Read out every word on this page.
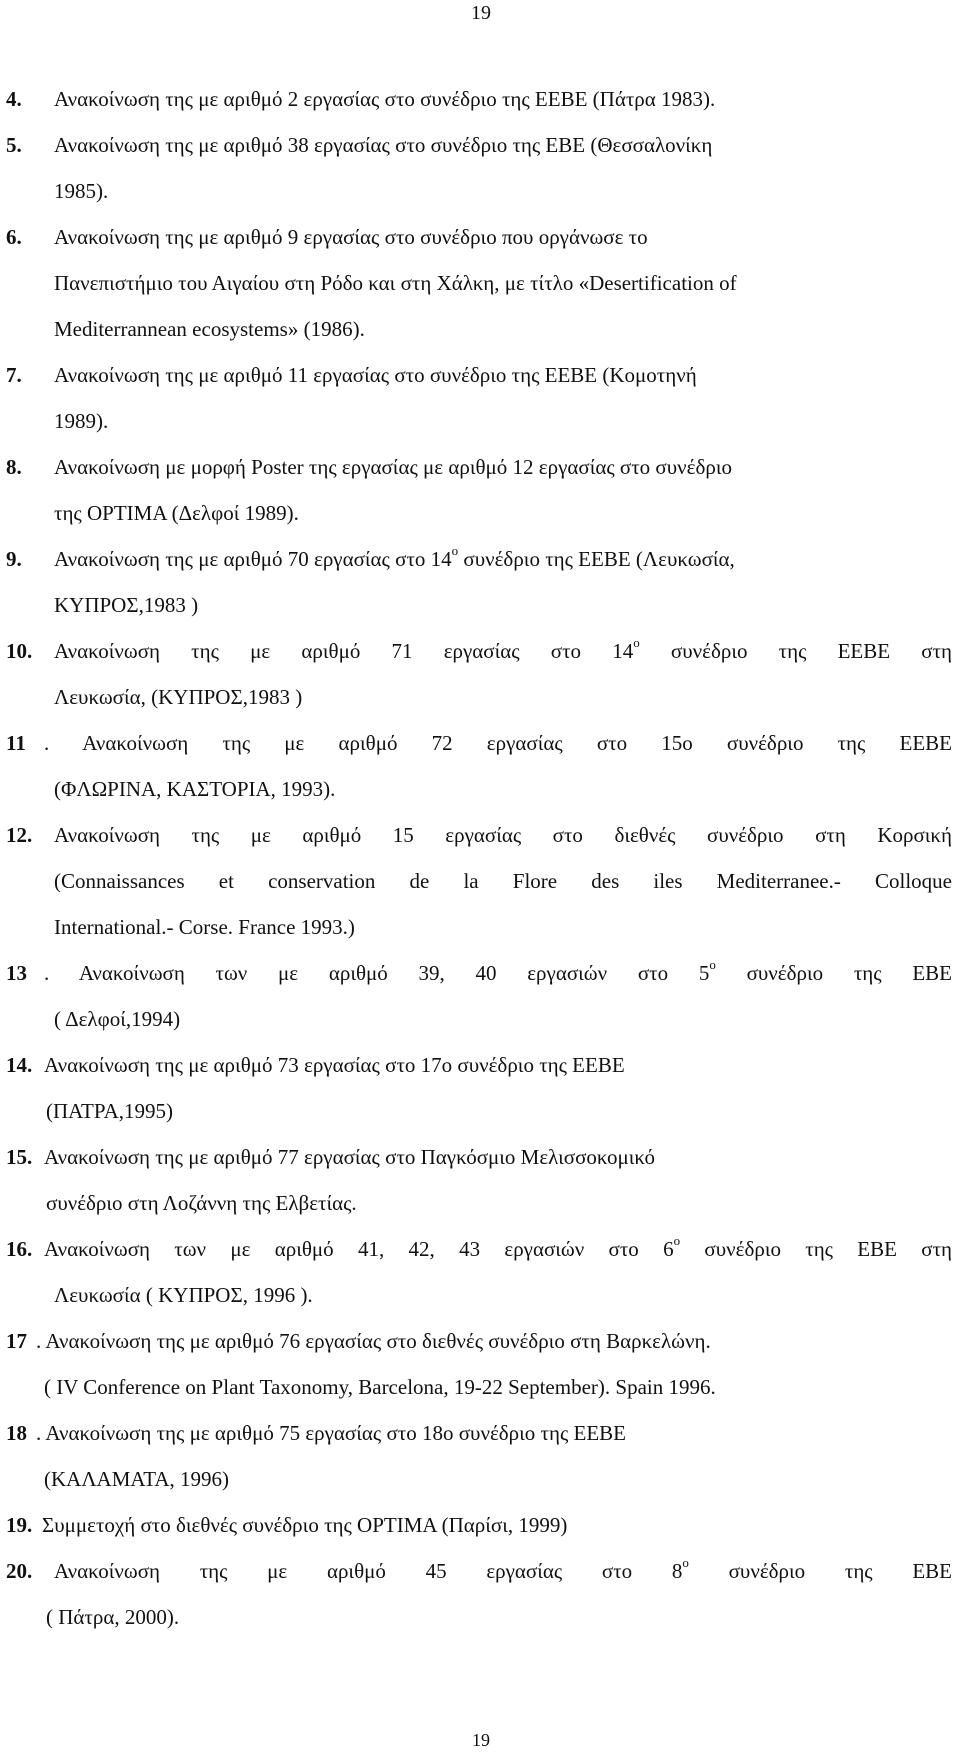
19
4.	Ανακοίνωση της με αριθμό 2 εργασίας στο συνέδριο της ΕΕΒΕ (Πάτρα 1983).
5.	Ανακοίνωση της με αριθμό 38 εργασίας στο συνέδριο της ΕΒΕ (Θεσσαλονίκη
1985).
6.	Ανακοίνωση της με αριθμό 9 εργασίας στο συνέδριο που οργάνωσε το
Πανεπιστήμιο του Αιγαίου στη Ρόδο και στη Χάλκη, με τίτλο «Desertification of
Mediterrannean ecosystems» (1986).
7.	Ανακοίνωση της με αριθμό 11 εργασίας στο συνέδριο της ΕΕΒΕ (Κομοτηνή
1989).
8.	Ανακοίνωση με μορφή Poster της εργασίας με αριθμό 12 εργασίας στο συνέδριο
της OPTIMA (Δελφοί 1989).
9.	Ανακοίνωση της με αριθμό 70 εργασίας στο $14^o$ συνέδριο της ΕΕΒΕ (Λευκωσία,
ΚΥΠΡΟΣ,1983 )
10.	Ανακοίνωση της με αριθμό 71 εργασίας στο $14^o$ συνέδριο της ΕΕΒΕ στη
Λευκωσία, (ΚΥΠΡΟΣ,1983 )
11 . Ανακοίνωση της με αριθμό 72 εργασίας στο 15ο συνέδριο της ΕΕΒΕ
(ΦΛΩΡΙΝΑ, ΚΑΣΤΟΡΙΑ, 1993).
12.	Ανακοίνωση της με αριθμό 15 εργασίας στο διεθνές συνέδριο στη Κορσική
(Connaissances et conservation de la Flore des iles Mediterranee.- Colloque
International.- Corse. France 1993.)
13 . Ανακοίνωση των με αριθμό 39, 40 εργασιών στο $5^o$ συνέδριο της ΕΒΕ
( Δελφοί,1994)
14. Ανακοίνωση της με αριθμό 73 εργασίας στο 17ο συνέδριο της ΕΕΒΕ
(ΠΑΤΡΑ,1995)
15. Ανακοίνωση της με αριθμό 77 εργασίας στο Παγκόσμιο Μελισσοκομικό
συνέδριο στη Λοζάννη της Ελβετίας.
16. Ανακοίνωση των με αριθμό 41, 42, 43 εργασιών στο $6^o$ συνέδριο της ΕΒΕ στη
Λευκωσία ( ΚΥΠΡΟΣ, 1996 ).
17 . Ανακοίνωση της με αριθμό 76 εργασίας στο διεθνές συνέδριο στη Βαρκελώνη.
( IV Conference on Plant Taxonomy, Barcelona, 19-22 September). Spain 1996.
18 . Ανακοίνωση της με αριθμό 75 εργασίας στο 18ο συνέδριο της ΕΕΒΕ
(ΚΑΛΑΜΑΤΑ, 1996)
19. Συμμετοχή στο διεθνές συνέδριο της OPTIMA (Παρίσι, 1999)
20.	Ανακοίνωση της με αριθμό 45 εργασίας στο $8^o$ συνέδριο της ΕΒΕ
( Πάτρα, 2000).
19
